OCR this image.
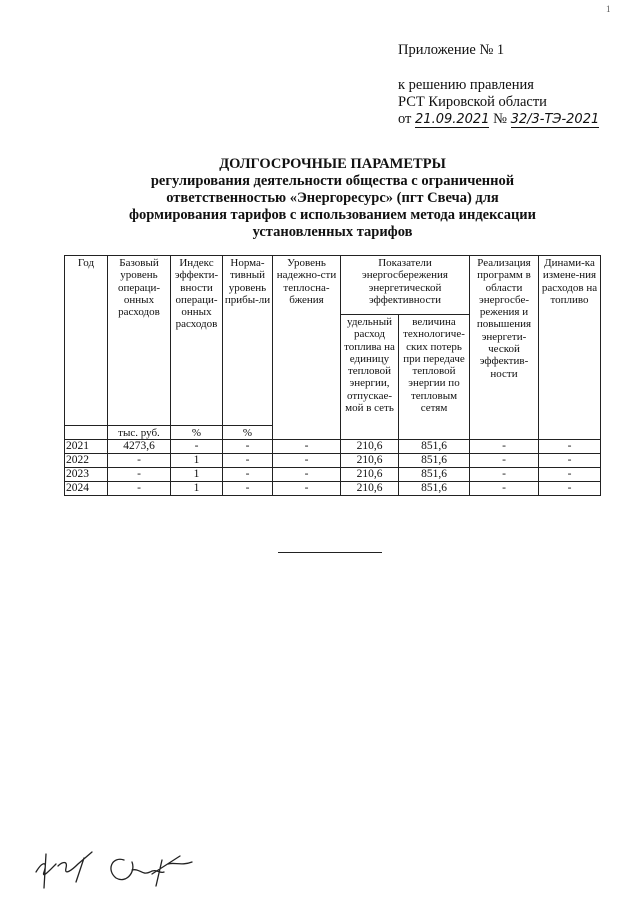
1
Приложение № 1
к решению правления
РСТ Кировской области
от 21.09.2021 № 32/3-ТЭ-2021
ДОЛГОСРОЧНЫЕ ПАРАМЕТРЫ
регулирования деятельности общества с ограниченной
ответственностью «Энергоресурс» (пгт Свеча) для
формирования тарифов с использованием метода индексации
установленных тарифов
Год	Базовый уровень операци-онных расходов	Индекс эффекти-вности операци-онных расходов	Норма-тивный уровень прибы-ли	Уровень надежно-сти теплосна-бжения	Показатели энергосбережения энергетической эффективности		Реализация программ в области энергосбе-режения и повышения энергети-ческой эффектив-ности	Динами-ка измене-ния расходов на топливо
					удельный расход топлива на единицу тепловой энергии, отпускае-мой в сеть	величина технологиче-ских потерь при передаче тепловой энергии по тепловым сетям		
	тыс. руб.	%	%					
2021	4273,6	-	-	-	210,6	851,6	-	-
2022	-	1	-	-	210,6	851,6	-	-
2023	-	1	-	-	210,6	851,6	-	-
2024	-	1	-	-	210,6	851,6	-	-
